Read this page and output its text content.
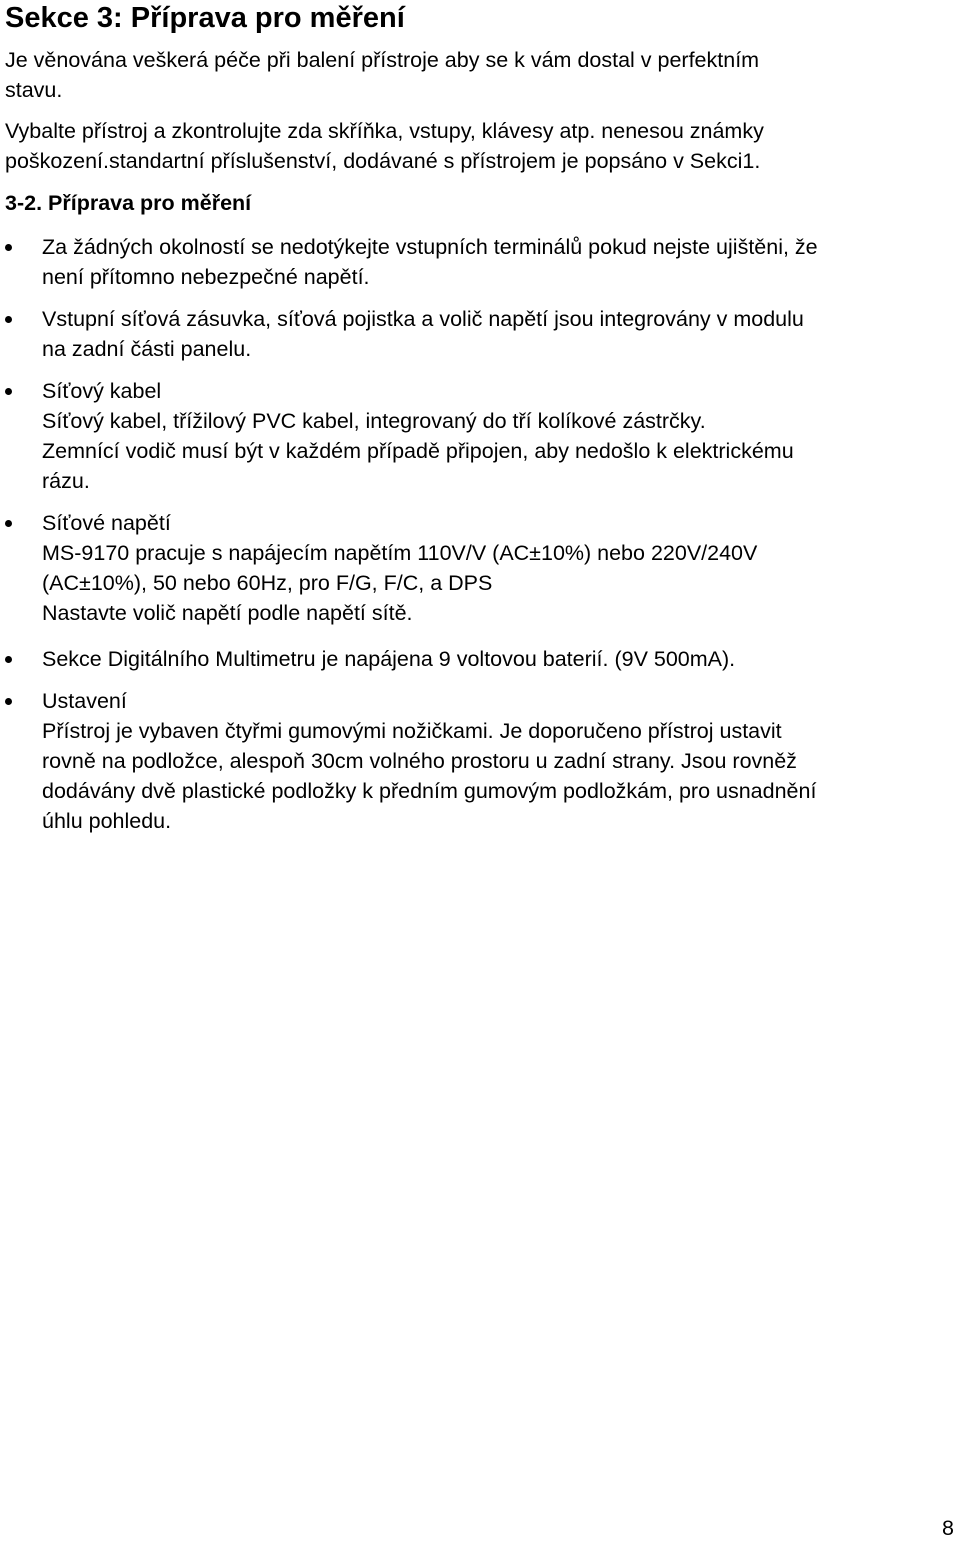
Sekce 3: Příprava pro měření

Je věnována veškerá péče při balení přístroje aby se k vám dostal v perfektním
stavu.

Vybalte přístroj a zkontrolujte zda skříňka, vstupy, klávesy atp. nenesou známky
poškození.standartní příslušenství, dodávané s přístrojem je popsáno v Sekci1.

3-2. Příprava pro měření
Za žádných okolností se nedotýkejte vstupních terminálů pokud nejste ujištěni, že
není přítomno nebezpečné napětí.
Vstupní síťová zásuvka, síťová pojistka a volič napětí jsou integrovány v modulu
na zadní části panelu.
Síťový kabel
Síťový kabel, třížilový PVC kabel, integrovaný do tří kolíkové zástrčky.
Zemnící vodič musí být v každém případě připojen, aby nedošlo k elektrickému
rázu.
Síťové napětí
MS-9170 pracuje s napájecím napětím 110V/V (AC±10%) nebo 220V/240V
(AC±10%), 50 nebo 60Hz, pro F/G, F/C, a DPS
Nastavte volič napětí podle napětí sítě.
Sekce Digitálního Multimetru je napájena 9 voltovou baterií. (9V 500mA).
Ustavení
Přístroj je vybaven čtyřmi gumovými nožičkami. Je doporučeno přístroj ustavit
rovně na podložce, alespoň 30cm volného prostoru u zadní strany. Jsou rovněž
dodávány dvě plastické podložky k předním gumovým podložkám, pro usnadnění
úhlu pohledu.
8
